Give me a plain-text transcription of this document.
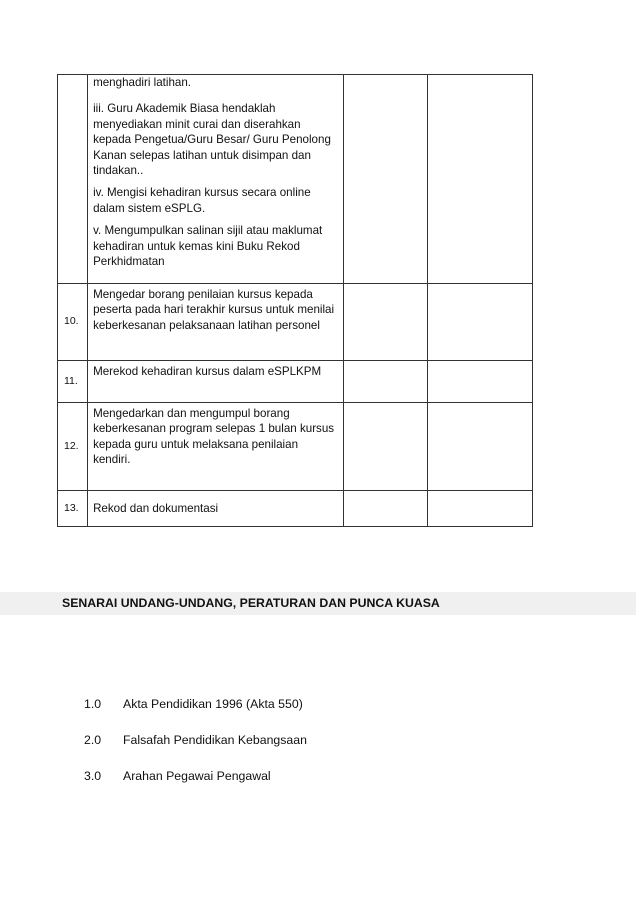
	menghadiri latihan.

iii. Guru Akademik Biasa hendaklah menyediakan minit curai dan diserahkan kepada Pengetua/Guru Besar/ Guru Penolong Kanan selepas latihan untuk disimpan dan tindakan..

iv. Mengisi kehadiran kursus secara online dalam sistem eSPLG.

v. Mengumpulkan salinan sijil atau maklumat kehadiran untuk kemas kini Buku Rekod Perkhidmatan		

10.	Mengedar borang penilaian kursus kepada peserta pada hari terakhir kursus untuk menilai keberkesanan pelaksanaan latihan personel		

11.	Merekod kehadiran kursus dalam eSPLKPM		

12.	Mengedarkan dan mengumpul borang keberkesanan program selepas 1 bulan kursus kepada guru untuk melaksana penilaian kendiri.		

13.	Rekod dan dokumentasi		

SENARAI UNDANG-UNDANG, PERATURAN DAN PUNCA KUASA
1.0 Akta Pendidikan 1996 (Akta 550)
2.0 Falsafah Pendidikan Kebangsaan
3.0 Arahan Pegawai Pengawal
